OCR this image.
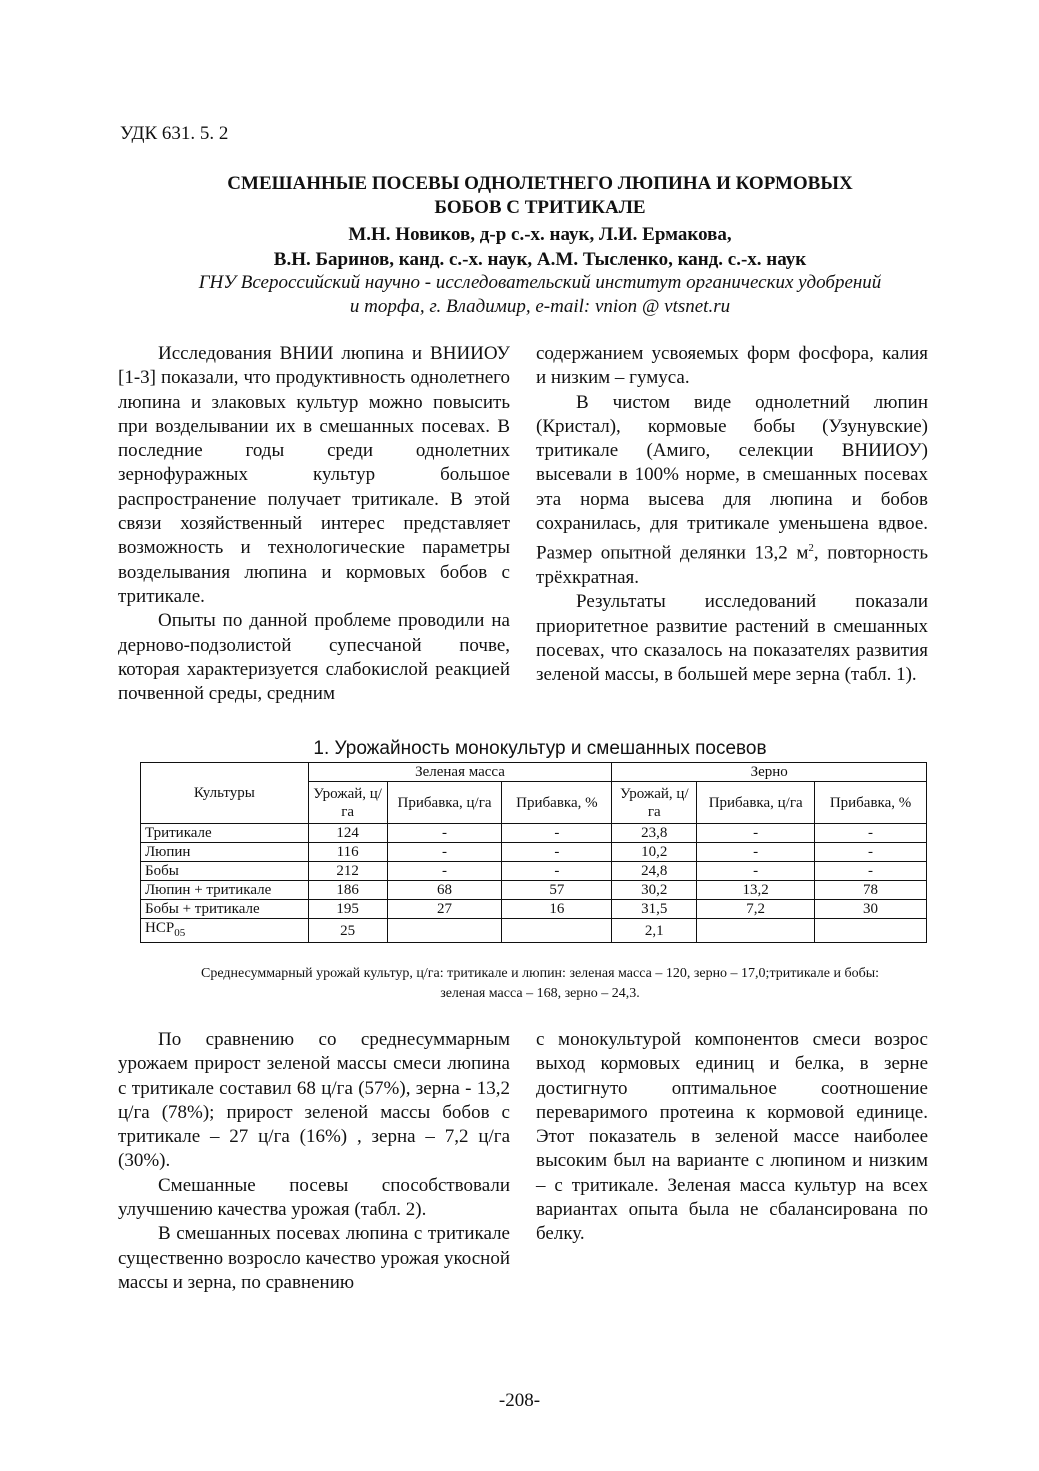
УДК 631. 5. 2
СМЕШАННЫЕ ПОСЕВЫ ОДНОЛЕТНЕГО ЛЮПИНА И КОРМОВЫХ
БОБОВ С ТРИТИКАЛЕ
М.Н. Новиков, д-р с.-х. наук, Л.И. Ермакова,
В.Н. Баринов, канд. с.-х. наук, А.М. Тысленко, канд. с.-х. наук
ГНУ Всероссийский научно - исследовательский институт органических удобрений
и торфа, г. Владимир, e-mail: vnion @ vtsnet.ru

Исследования ВНИИ люпина и ВНИИОУ [1-3] показали, что продуктивность однолетнего люпина и злаковых культур можно повысить при возделывании их в смешанных посевах. В последние годы среди однолетних зернофуражных культур большое распространение получает тритикале. В этой связи хозяйственный интерес представляет возможность и технологические параметры возделывания люпина и кормовых бобов с тритикале.

Опыты по данной проблеме проводили на дерново-подзолистой супесчаной почве, которая характеризуется слабокислой реакцией почвенной среды, средним

содержанием усвояемых форм фосфора, калия и низким – гумуса.

В чистом виде однолетний люпин (Кристал), кормовые бобы (Узунувские) тритикале (Амиго, селекции ВНИИОУ) высевали в 100% норме, в смешанных посевах эта норма высева для люпина и бобов сохранилась, для тритикале уменьшена вдвое. Размер опытной делянки 13,2 $м^2$, повторность трёхкратная.

Результаты исследований показали приоритетное развитие растений в смешанных посевах, что сказалось на показателях развития зеленой массы, в большей мере зерна (табл. 1).

1. Урожайность монокультур и смешанных посевов
Культуры	Зеленая масса			Зерно		
	Урожай, ц/га	Прибавка, ц/га	Прибавка, %	Урожай, ц/га	Прибавка, ц/га	Прибавка, %
Тритикале	124	-	-	23,8	-	-
Люпин	116	-	-	10,2	-	-
Бобы	212	-	-	24,8	-	-
Люпин + тритикале	186	68	57	30,2	13,2	78
Бобы + тритикале	195	27	16	31,5	7,2	30
$НСР_{05}$	25			2,1		
Среднесуммарный урожай культур, ц/га: тритикале и люпин: зеленая масса – 120, зерно – 17,0;тритикале и бобы:
зеленая масса – 168, зерно – 24,3.

По сравнению со среднесуммарным урожаем прирост зеленой массы смеси люпина с тритикале составил 68 ц/га (57%), зерна - 13,2 ц/га (78%); прирост зеленой массы бобов с тритикале – 27 ц/га (16%) , зерна – 7,2 ц/га (30%).

Смешанные посевы способствовали улучшению качества урожая (табл. 2).

В смешанных посевах люпина с тритикале существенно возросло качество урожая укосной массы и зерна, по сравнению

с монокультурой компонентов смеси возрос выход кормовых единиц и белка, в зерне достигнуто оптимальное соотношение переваримого протеина к кормовой единице. Этот показатель в зеленой массе наиболее высоким был на варианте с люпином и низким – с тритикале. Зеленая масса культур на всех вариантах опыта была не сбалансирована по белку.

-208-
